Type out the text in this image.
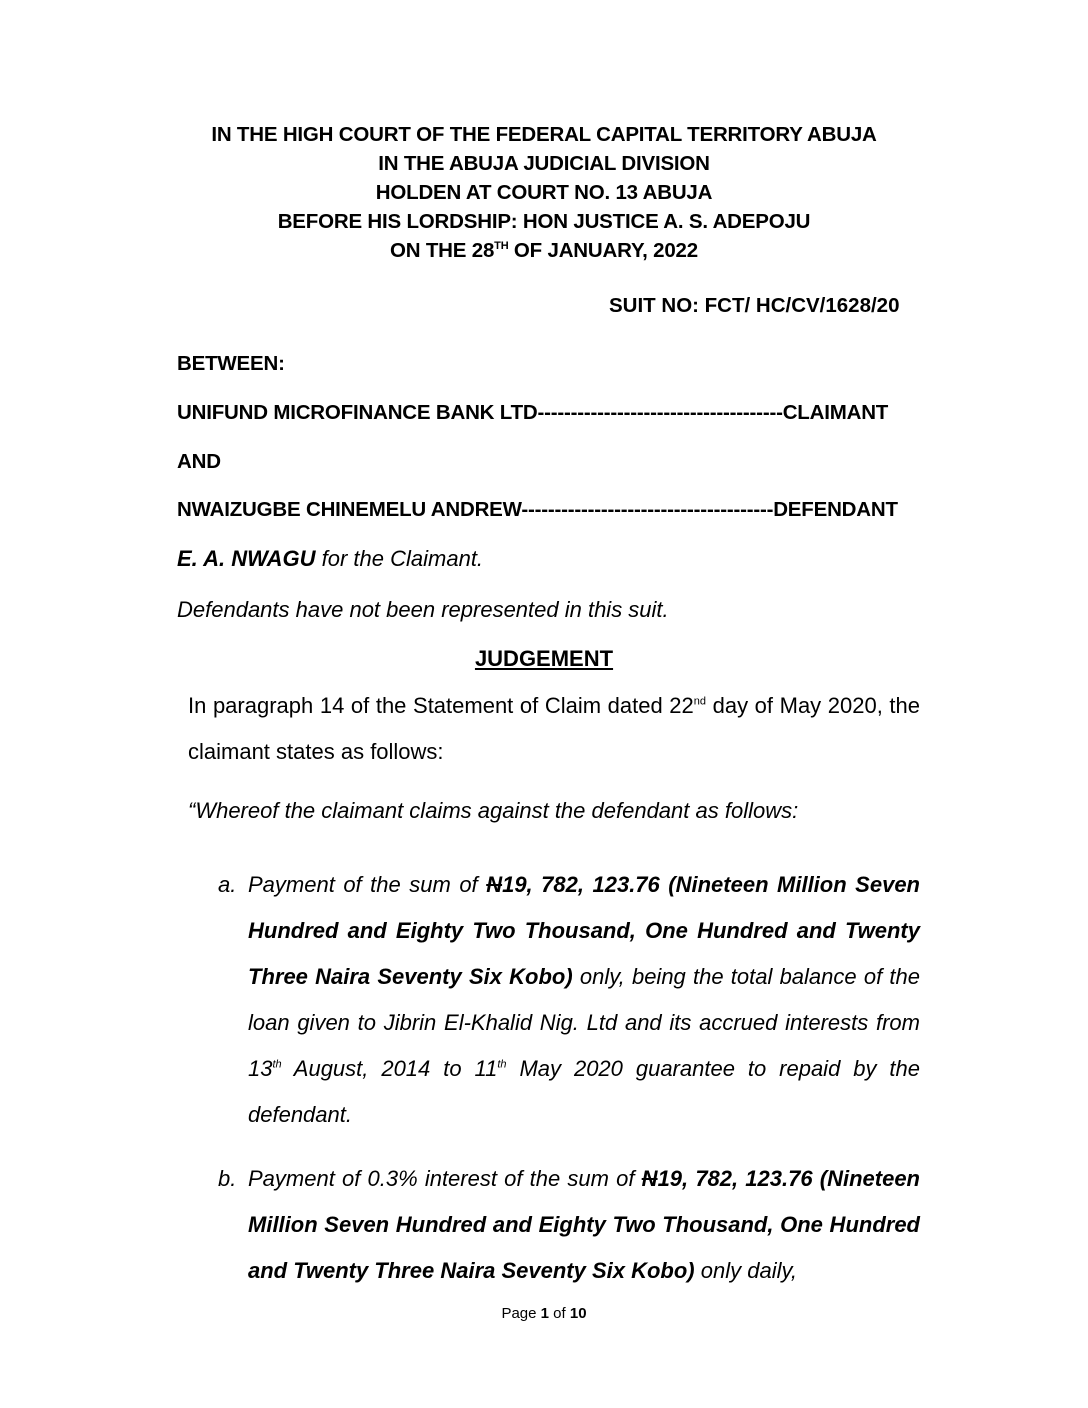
IN THE HIGH COURT OF THE FEDERAL CAPITAL TERRITORY ABUJA
IN THE ABUJA JUDICIAL DIVISION
HOLDEN AT COURT NO. 13 ABUJA
BEFORE HIS LORDSHIP: HON JUSTICE A. S. ADEPOJU
ON THE 28TH OF JANUARY, 2022
SUIT NO: FCT/ HC/CV/1628/20
BETWEEN:
UNIFUND MICROFINANCE BANK LTD-------------------------------------CLAIMANT
AND
NWAIZUGBE CHINEMELU ANDREW--------------------------------------DEFENDANT
E. A. NWAGU for the Claimant.
Defendants have not been represented in this suit.
JUDGEMENT
In paragraph 14 of the Statement of Claim dated 22nd day of May 2020, the claimant states as follows:
“Whereof the claimant claims against the defendant as follows:
a. Payment of the sum of N19, 782, 123.76 (Nineteen Million Seven Hundred and Eighty Two Thousand, One Hundred and Twenty Three Naira Seventy Six Kobo) only, being the total balance of the loan given to Jibrin El-Khalid Nig. Ltd and its accrued interests from 13th August, 2014 to 11th May 2020 guarantee to repaid by the defendant.
b. Payment of 0.3% interest of the sum of N19, 782, 123.76 (Nineteen Million Seven Hundred and Eighty Two Thousand, One Hundred and Twenty Three Naira Seventy Six Kobo) only daily,
Page 1 of 10
